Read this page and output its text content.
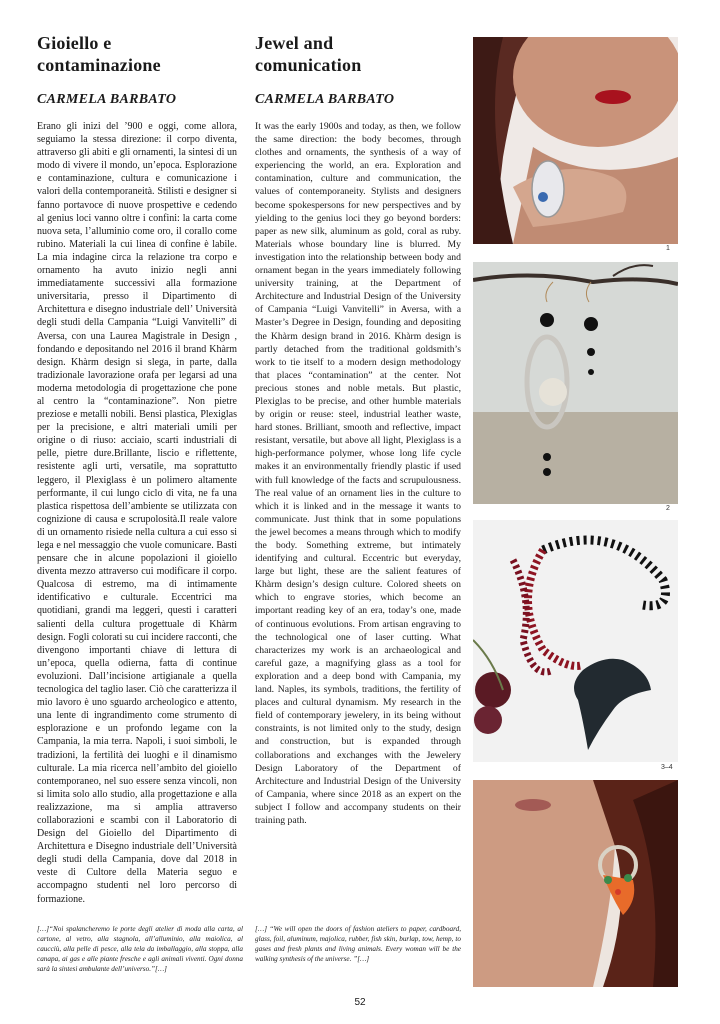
Gioiello e
contaminazione
CARMELA BARBATO

Erano gli inizi del ’900 e oggi, come allora, seguiamo la stessa direzione: il corpo diventa, attraverso gli abiti e gli ornamenti, la sintesi di un modo di vivere il mondo, un’epoca. Esplorazione e contaminazione, cultura e comunicazione i valori della contemporaneità. Stilisti e designer si fanno portavoce di nuove prospettive e cedendo al genius loci vanno oltre i confini: la carta come nuova seta, l’alluminio come oro, il corallo come rubino. Materiali la cui linea di confine è labile. La mia indagine circa la relazione tra corpo e ornamento ha avuto inizio negli anni immediatamente successivi alla formazione universitaria, presso il Dipartimento di Architettura e disegno industriale dell’ Università degli studi della Campania “Luigi Vanvitelli” di Aversa, con una Laurea Magistrale in Design , fondando e depositando nel 2016 il brand Khàrm design. Khàrm design si slega, in parte, dalla tradizionale lavorazione orafa per legarsi ad una moderna metodologia di progettazione che pone al centro la “contaminazione”. Non pietre preziose e metalli nobili. Bensì plastica, Plexiglas per la precisione, e altri materiali umili per origine o di riuso: acciaio, scarti industriali di pelle, pietre dure.Brillante, liscio e riflettente, resistente agli urti, versatile, ma soprattutto leggero, il Plexiglass è un polimero altamente performante, il cui lungo ciclo di vita, ne fa una plastica rispettosa dell’ambiente se utilizzata con cognizione di causa e scrupolosità.Il reale valore di un ornamento risiede nella cultura a cui esso si lega e nel messaggio che vuole comunicare. Basti pensare che in alcune popolazioni il gioiello diventa mezzo attraverso cui modificare il corpo. Qualcosa di estremo, ma di intimamente identificativo e culturale. Eccentrici ma quotidiani, grandi ma leggeri, questi i caratteri salienti della cultura progettuale di Khàrm design. Fogli colorati su cui incidere racconti, che divengono importanti chiave di lettura di un’epoca, quella odierna, fatta di continue evoluzioni. Dall’incisione artigianale a quella tecnologica del taglio laser. Ciò che caratterizza il mio lavoro è uno sguardo archeologico e attento, una lente di ingrandimento come strumento di esplorazione e un profondo legame con la Campania, la mia terra. Napoli, i suoi simboli, le tradizioni, la fertilità dei luoghi e il dinamismo culturale. La mia ricerca nell’ambito del gioiello contemporaneo, nel suo essere senza vincoli, non si limita solo allo studio, alla progettazione e alla realizzazione, ma si amplia attraverso collaborazioni e scambi con il Laboratorio di Design del Gioiello del Dipartimento di Architettura e Disegno industriale dell’Università degli studi della Campania, dove dal 2018 in veste di Cultore della Materia seguo e accompagno studenti nel loro percorso di formazione.

Jewel and
comunication
CARMELA BARBATO

It was the early 1900s and today, as then, we follow the same direction: the body becomes, through clothes and ornaments, the synthesis of a way of experiencing the world, an era. Exploration and contamination, culture and communication, the values of contemporaneity. Stylists and designers become spokespersons for new perspectives and by yielding to the genius loci they go beyond borders: paper as new silk, aluminum as gold, coral as ruby. Materials whose boundary line is blurred. My investigation into the relationship between body and ornament began in the years immediately following university training, at the Department of Architecture and Industrial Design of the University of Campania “Luigi Vanvitelli” in Aversa, with a Master’s Degree in Design, founding and depositing the Khàrm design brand in 2016. Khàrm design is partly detached from the traditional goldsmith’s work to tie itself to a modern design methodology that places “contamination” at the center. Not precious stones and noble metals. But plastic, Plexiglas to be precise, and other humble materials by origin or reuse: steel, industrial leather waste, hard stones. Brilliant, smooth and reflective, impact resistant, versatile, but above all light, Plexiglass is a high-performance polymer, whose long life cycle makes it an environmentally friendly plastic if used with full knowledge of the facts and scrupulousness. The real value of an ornament lies in the culture to which it is linked and in the message it wants to communicate. Just think that in some populations the jewel becomes a means through which to modify the body. Something extreme, but intimately identifying and cultural. Eccentric but everyday, large but light, these are the salient features of Khàrm design’s design culture. Colored sheets on which to engrave stories, which become an important reading key of an era, today’s one, made of continuous evolutions. From artisan engraving to the technological one of laser cutting. What characterizes my work is an archaeological and careful gaze, a magnifying glass as a tool for exploration and a deep bond with Campania, my land. Naples, its symbols, traditions, the fertility of places and cultural dynamism. My research in the field of contemporary jewelery, in its being without constraints, is not limited only to the study, design and construction, but is expanded through collaborations and exchanges with the Jewelery Design Laboratory of the Department of Architecture and Industrial Design of the University of Campania, where since 2018 as an expert on the subject I follow and accompany students on their training path.

[…]“Noi spalancheremo le porte degli atelier di moda alla carta, al cartone, al vetro, alla stagnola, all’alluminio, alla maiolica, al caucciù, alla pelle di pesce, alla tela da imballaggio, alla stoppa, alla canapa, ai gas e alle piante fresche e agli animali viventi. Ogni donna sarà la sintesi ambulante dell’universo.”[…]

[…] “We will open the doors of fashion ateliers to paper, cardboard, glass, foil, aluminum, majolica, rubber, fish skin, burlap, tow, hemp, to gases and fresh plants and living animals. Every woman will be the walking synthesis of the universe. ”[…]

1
2
3–4
52
